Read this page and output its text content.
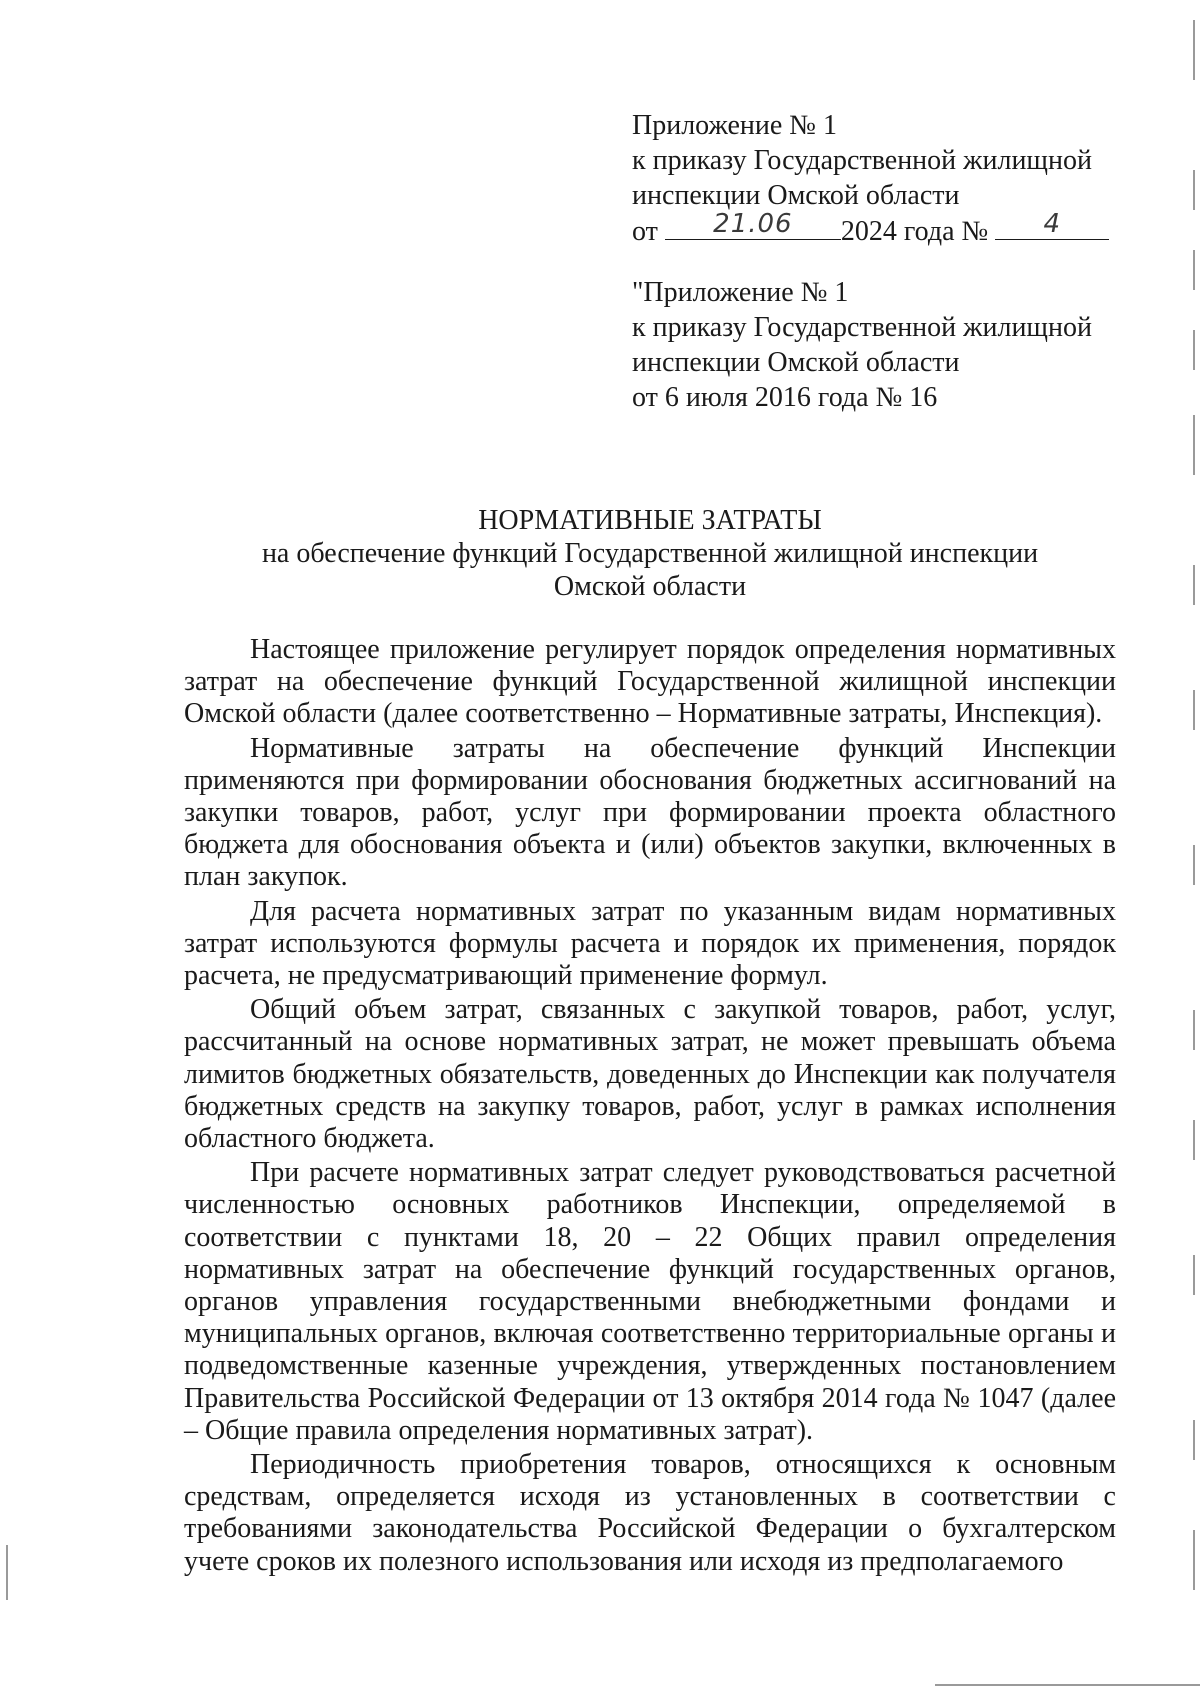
Приложение № 1
к приказу Государственной жилищной
инспекции Омской области
от	21.06	2024 года №	4
"Приложение № 1
к приказу Государственной жилищной
инспекции Омской области
от 6 июля 2016 года № 16
НОРМАТИВНЫЕ ЗАТРАТЫ
на обеспечение функций Государственной жилищной инспекции
Омской области

Настоящее приложение регулирует порядок определения нормативных затрат на обеспечение функций Государственной жилищной инспекции Омской области (далее соответственно – Нормативные затраты, Инспекция).

Нормативные затраты на обеспечение функций Инспекции применяются при формировании обоснования бюджетных ассигнований на закупки товаров, работ, услуг при формировании проекта областного бюджета для обоснования объекта и (или) объектов закупки, включенных в план закупок.

Для расчета нормативных затрат по указанным видам нормативных затрат используются формулы расчета и порядок их применения, порядок расчета, не предусматривающий применение формул.

Общий объем затрат, связанных с закупкой товаров, работ, услуг, рассчитанный на основе нормативных затрат, не может превышать объема лимитов бюджетных обязательств, доведенных до Инспекции как получателя бюджетных средств на закупку товаров, работ, услуг в рамках исполнения областного бюджета.

При расчете нормативных затрат следует руководствоваться расчетной численностью основных работников Инспекции, определяемой в соответствии с пунктами 18, 20 – 22 Общих правил определения нормативных затрат на обеспечение функций государственных органов, органов управления государственными внебюджетными фондами и муниципальных органов, включая соответственно территориальные органы и подведомственные казенные учреждения, утвержденных постановлением Правительства Российской Федерации от 13 октября 2014 года № 1047 (далее – Общие правила определения нормативных затрат).

Периодичность приобретения товаров, относящихся к основным средствам, определяется исходя из установленных в соответствии с требованиями законодательства Российской Федерации о бухгалтерском учете сроков их полезного использования или исходя из предполагаемого
